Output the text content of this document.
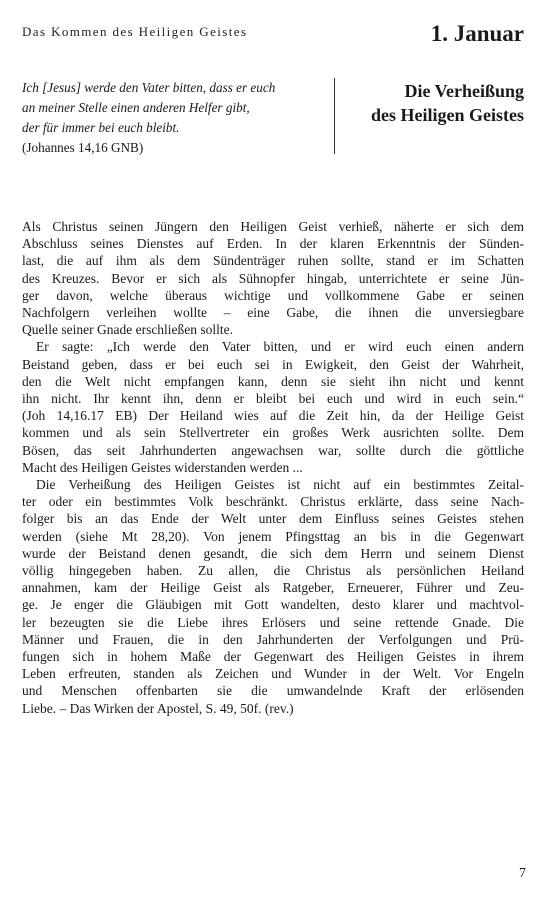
Das Kommen des Heiligen Geistes	1. Januar
Ich [Jesus] werde den Vater bitten, dass er euch
an meiner Stelle einen anderen Helfer gibt,
der für immer bei euch bleibt.
(Johannes 14,16 GNB)
Die Verheißung
des Heiligen Geistes
Als Christus seinen Jüngern den Heiligen Geist verhieß, näherte er sich dem
Abschluss seines Dienstes auf Erden. In der klaren Erkenntnis der Sünden-
last, die auf ihm als dem Sündenträger ruhen sollte, stand er im Schatten
des Kreuzes. Bevor er sich als Sühnopfer hingab, unterrichtete er seine Jün-
ger davon, welche überaus wichtige und vollkommene Gabe er seinen
Nachfolgern verleihen wollte – eine Gabe, die ihnen die unversiegbare
Quelle seiner Gnade erschließen sollte.
Er sagte: „Ich werde den Vater bitten, und er wird euch einen andern
Beistand geben, dass er bei euch sei in Ewigkeit, den Geist der Wahrheit,
den die Welt nicht empfangen kann, denn sie sieht ihn nicht und kennt
ihn nicht. Ihr kennt ihn, denn er bleibt bei euch und wird in euch sein.“
(Joh 14,16.17 EB) Der Heiland wies auf die Zeit hin, da der Heilige Geist
kommen und als sein Stellvertreter ein großes Werk ausrichten sollte. Dem
Bösen, das seit Jahrhunderten angewachsen war, sollte durch die göttliche
Macht des Heiligen Geistes widerstanden werden ...
Die Verheißung des Heiligen Geistes ist nicht auf ein bestimmtes Zeital-
ter oder ein bestimmtes Volk beschränkt. Christus erklärte, dass seine Nach-
folger bis an das Ende der Welt unter dem Einfluss seines Geistes stehen
werden (siehe Mt 28,20). Von jenem Pfingsttag an bis in die Gegenwart
wurde der Beistand denen gesandt, die sich dem Herrn und seinem Dienst
völlig hingegeben haben. Zu allen, die Christus als persönlichen Heiland
annahmen, kam der Heilige Geist als Ratgeber, Erneuerer, Führer und Zeu-
ge. Je enger die Gläubigen mit Gott wandelten, desto klarer und machtvol-
ler bezeugten sie die Liebe ihres Erlösers und seine rettende Gnade. Die
Männer und Frauen, die in den Jahrhunderten der Verfolgungen und Prü-
fungen sich in hohem Maße der Gegenwart des Heiligen Geistes in ihrem
Leben erfreuten, standen als Zeichen und Wunder in der Welt. Vor Engeln
und Menschen offenbarten sie die umwandelnde Kraft der erlösenden
Liebe. – Das Wirken der Apostel, S. 49, 50f. (rev.)
7
